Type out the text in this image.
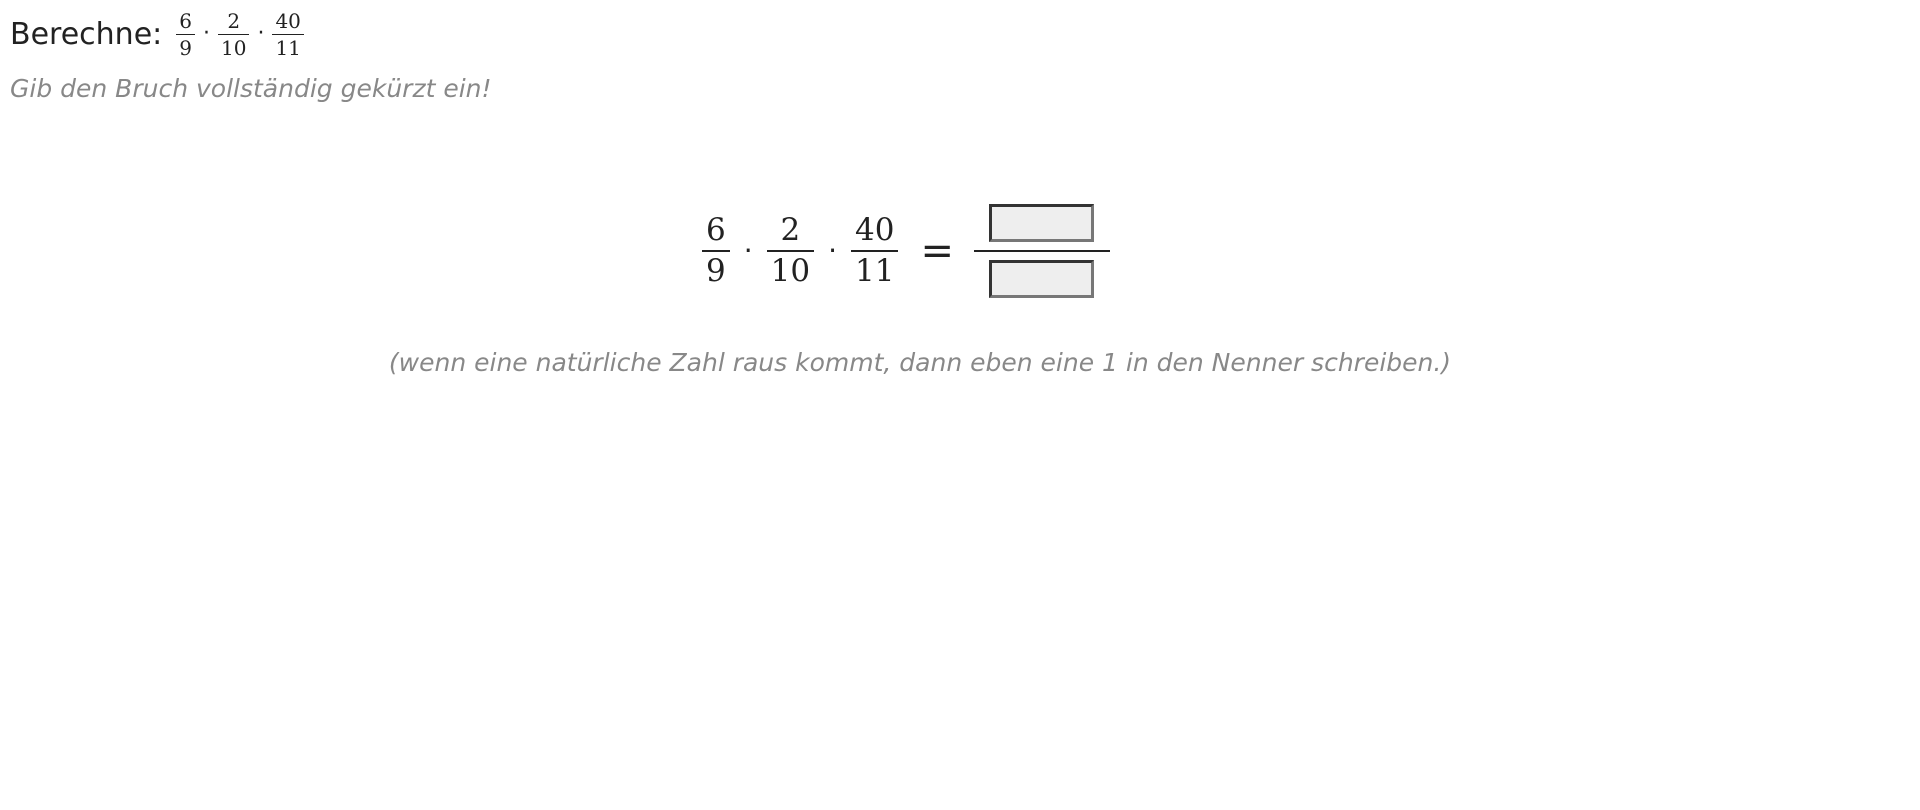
Berechne: $\frac{6}{9} \cdot \frac{2}{10} \cdot \frac{40}{11}$
Gib den Bruch vollständig gekürzt ein!
$\frac{6}{9} \cdot \frac{2}{10} \cdot \frac{40}{11}$ =
(wenn eine natürliche Zahl raus kommt, dann eben eine 1 in den Nenner schreiben.)
